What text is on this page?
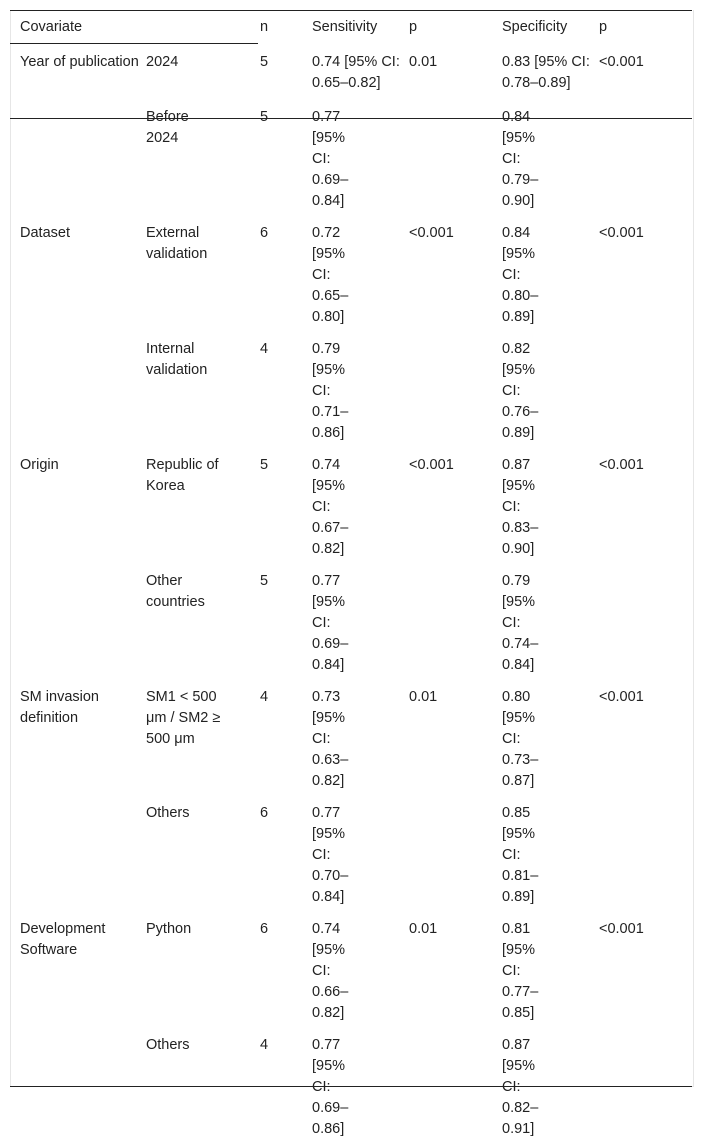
Covariate		n	Sensitivity	p	Specificity	p
Year of publication	2024	5	0.74 [95% CI: 0.65–0.82]	0.01	0.83 [95% CI: 0.78–0.89]	<0.001

	Before 2024	5	0.77 [95% CI: 0.69–0.84]		0.84 [95% CI: 0.79–0.90]	

Dataset	External validation	6	0.72 [95% CI: 0.65–0.80]	<0.001	0.84 [95% CI: 0.80–0.89]	<0.001

	Internal validation	4	0.79 [95% CI: 0.71–0.86]		0.82 [95% CI: 0.76–0.89]	

Origin	Republic of Korea	5	0.74 [95% CI: 0.67–0.82]	<0.001	0.87 [95% CI: 0.83–0.90]	<0.001

	Other countries	5	0.77 [95% CI: 0.69–0.84]		0.79 [95% CI: 0.74–0.84]	

SM invasion definition	SM1 < 500 μm / SM2 ≥ 500 μm	4	0.73 [95% CI: 0.63–0.82]	0.01	0.80 [95% CI: 0.73–0.87]	<0.001

	Others	6	0.77 [95% CI: 0.70–0.84]		0.85 [95% CI: 0.81–0.89]	

Development Software	Python	6	0.74 [95% CI: 0.66–0.82]	0.01	0.81 [95% CI: 0.77–0.85]	<0.001

	Others	4	0.77 [95% CI: 0.69–0.86]		0.87 [95% CI: 0.82–0.91]	
